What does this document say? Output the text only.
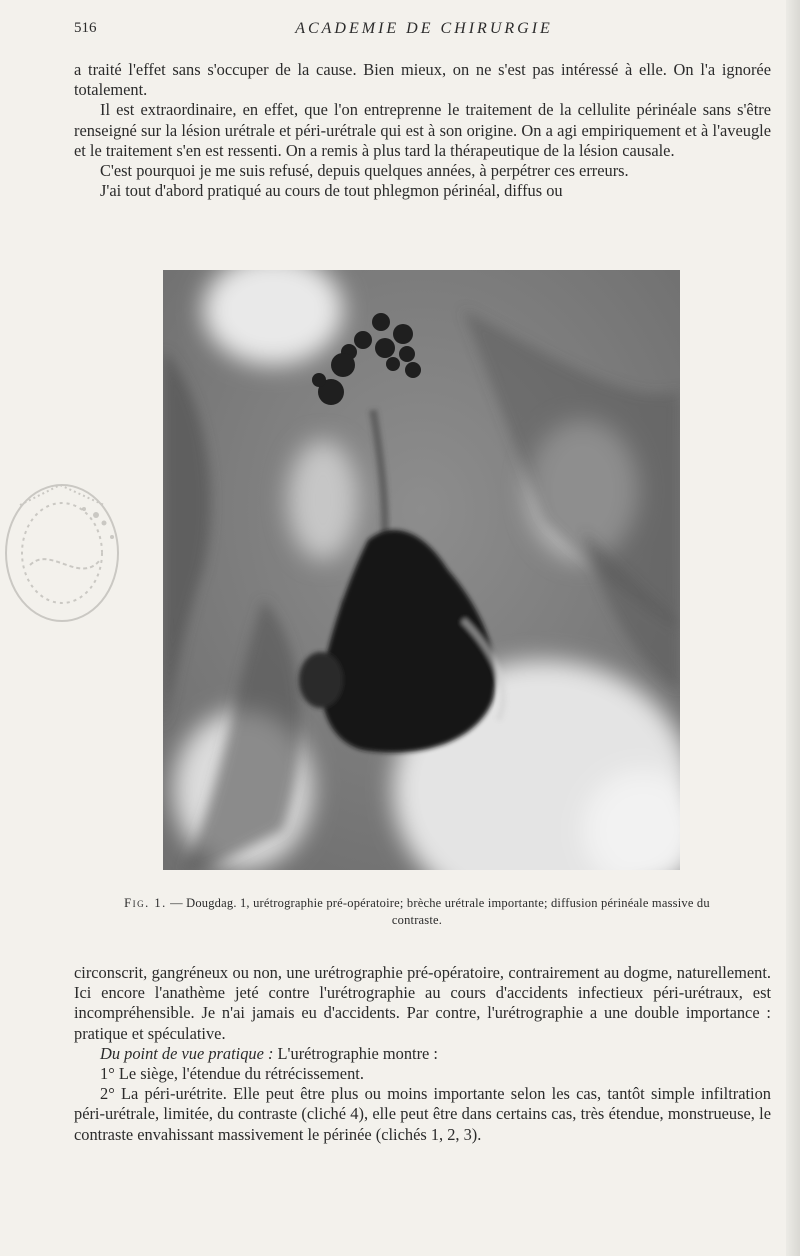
516	ACADEMIE DE CHIRURGIE

a traité l'effet sans s'occuper de la cause. Bien mieux, on ne s'est pas intéressé à elle. On l'a ignorée totalement.

Il est extraordinaire, en effet, que l'on entreprenne le traitement de la cellulite périnéale sans s'être renseigné sur la lésion urétrale et péri-urétrale qui est à son origine. On a agi empiriquement et à l'aveugle et le traitement s'en est ressenti. On a remis à plus tard la thérapeutique de la lésion causale.

C'est pourquoi je me suis refusé, depuis quelques années, à perpétrer ces erreurs.

J'ai tout d'abord pratiqué au cours de tout phlegmon périnéal, diffus ou

Fig. 1. — Dougdag. 1, urétrographie pré-opératoire; brèche urétrale importante; diffusion périnéale massive du contraste.

circonscrit, gangréneux ou non, une urétrographie pré-opératoire, contrairement au dogme, naturellement. Ici encore l'anathème jeté contre l'urétrographie au cours d'accidents infectieux péri-urétraux, est incompréhensible. Je n'ai jamais eu d'accidents. Par contre, l'urétrographie a une double importance : pratique et spéculative.

Du point de vue pratique : L'urétrographie montre :

1° Le siège, l'étendue du rétrécissement.

2° La péri-urétrite. Elle peut être plus ou moins importante selon les cas, tantôt simple infiltration péri-urétrale, limitée, du contraste (cliché 4), elle peut être dans certains cas, très étendue, monstrueuse, le contraste envahissant massivement le périnée (clichés 1, 2, 3).
